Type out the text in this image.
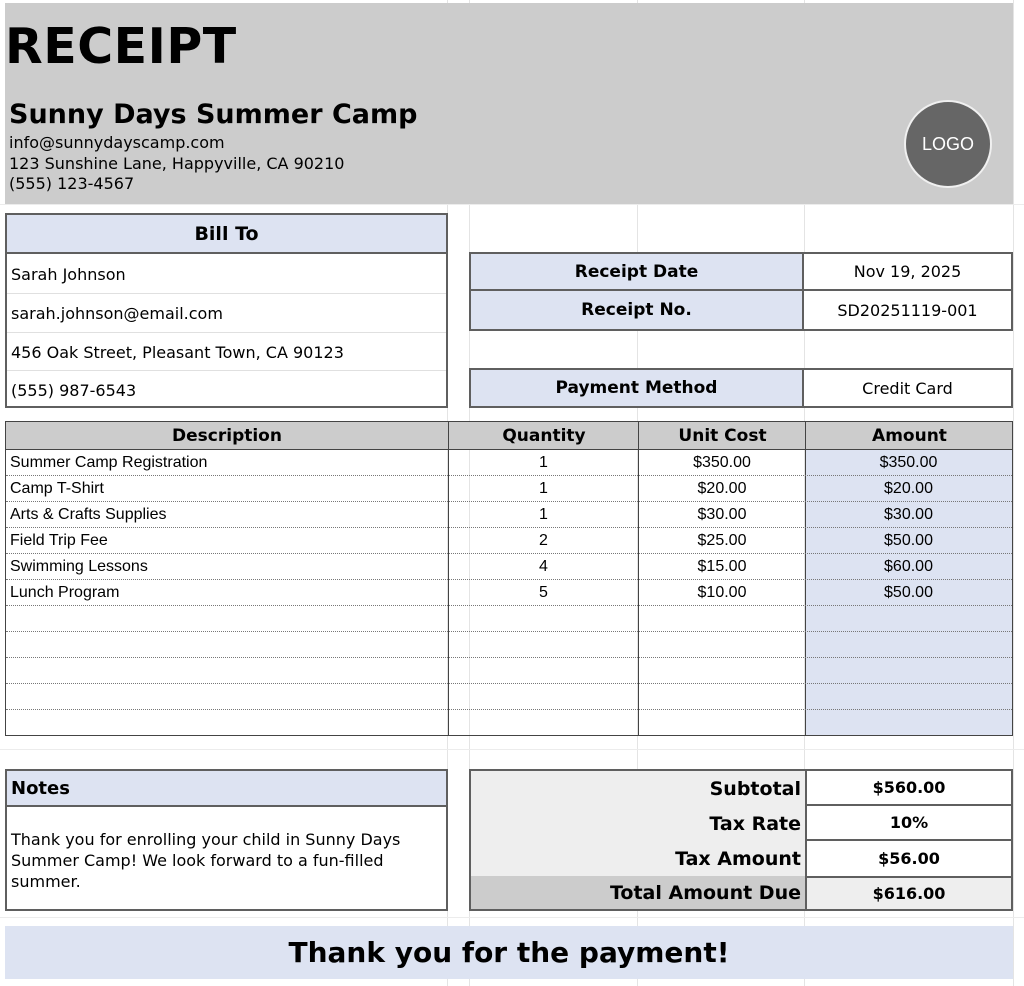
RECEIPT
Sunny Days Summer Camp
info@sunnydayscamp.com
123 Sunshine Lane, Happyville, CA 90210
(555) 123-4567
LOGO
Bill To
Sarah Johnson
sarah.johnson@email.com
456 Oak Street, Pleasant Town, CA 90123
(555) 987-6543
Receipt Date	Nov 19, 2025
Receipt No.	SD20251119-001
Payment Method	Credit Card
Description	Quantity	Unit Cost	Amount
Summer Camp Registration	1	$350.00	$350.00
Camp T-Shirt	1	$20.00	$20.00
Arts & Crafts Supplies	1	$30.00	$30.00
Field Trip Fee	2	$25.00	$50.00
Swimming Lessons	4	$15.00	$60.00
Lunch Program	5	$10.00	$50.00
Notes
Thank you for enrolling your child in Sunny Days Summer Camp! We look forward to a fun-filled summer.
Subtotal	$560.00
Tax Rate	10%
Tax Amount	$56.00
Total Amount Due	$616.00
Thank you for the payment!
